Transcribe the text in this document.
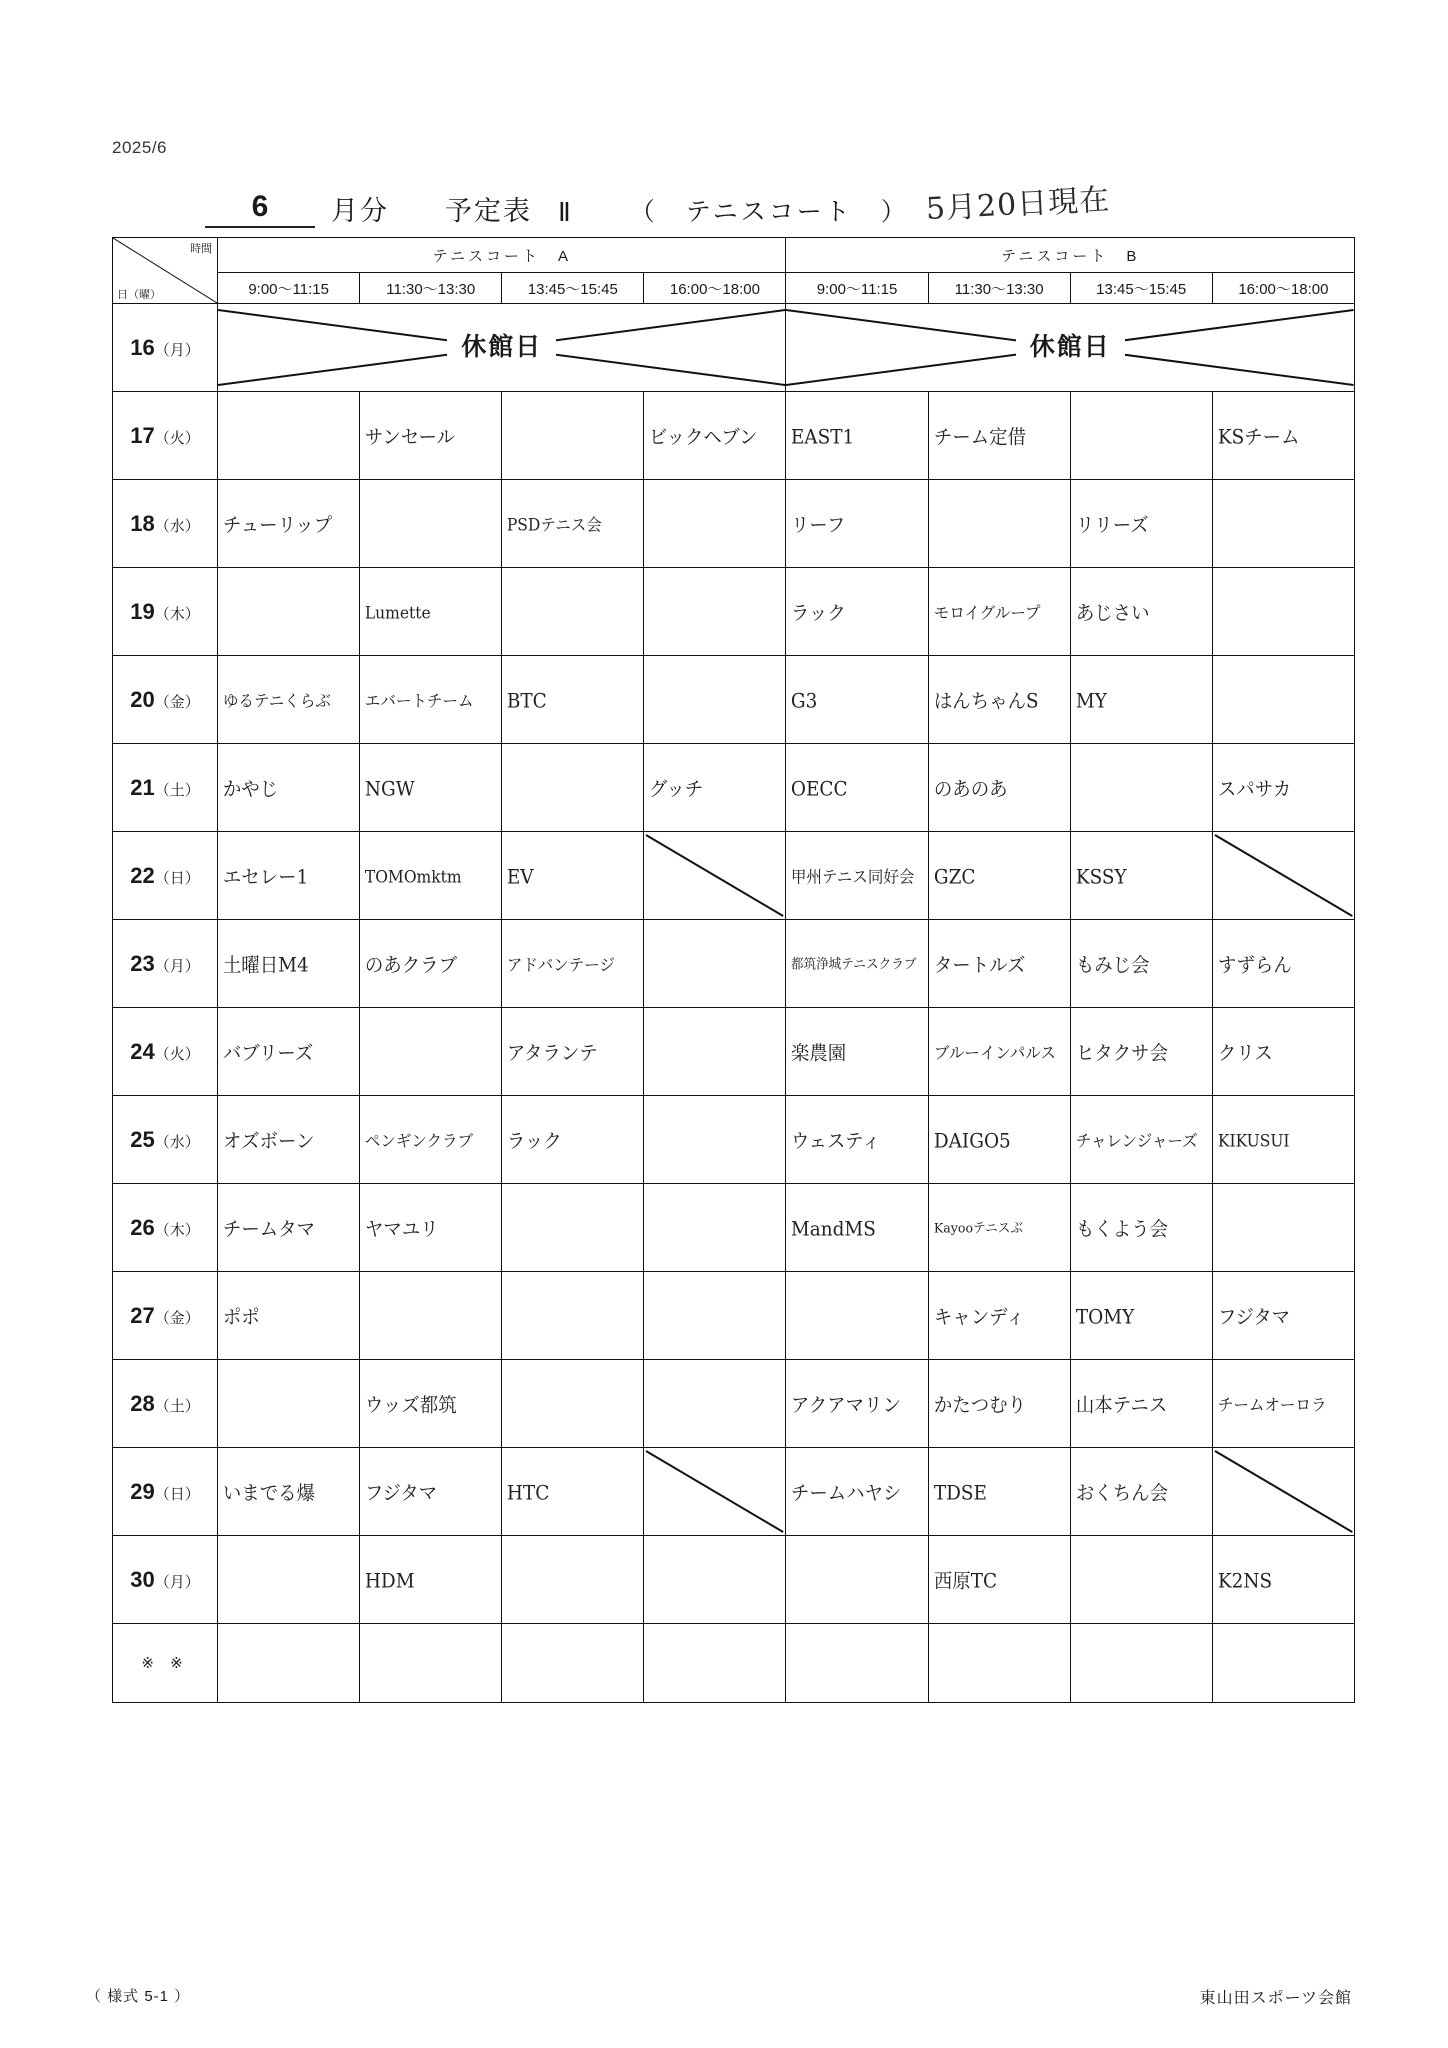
2025/6
6	月分 予定表 Ⅱ （　テニスコート　） 5月20日現在
日（曜）
時間	テニスコート　A				テニスコート　B			
	9:00～11:15	11:30～13:30	13:45～15:45	16:00～18:00	9:00～11:15	11:30～13:30	13:45～15:45	16:00～18:00
16（月）	休館日				休館日			
17（火）		サンセール		ビックヘブン	EAST1	チーム定借		KSチーム

18（水）	チューリップ		PSDテニス会		リーフ		リリーズ	

19（木）		Lumette			ラック	モロイグループ	あじさい	

20（金）	ゆるテニくらぶ	エバートチーム	BTC		G3	はんちゃんS	MY	

21（土）	かやじ	NGW		グッチ	OECC	のあのあ		スパサカ

22（日）	エセレー1	TOMOmktm	EV		甲州テニス同好会	GZC	KSSY

23（月）	土曜日M4	のあクラブ	アドバンテージ		都筑浄城テニスクラブ	タートルズ	もみじ会	すずらん

24（火）	バブリーズ		アタランテ		楽農園	ブルーインパルス	ヒタクサ会	クリス

25（水）	オズボーン	ペンギンクラブ	ラック		ウェスティ	DAIGO5	チャレンジャーズ	KIKUSUI

26（木）	チームタマ	ヤマユリ			MandMS	Kayooテニスぶ	もくよう会	

27（金）	ポポ					キャンディ	TOMY	フジタマ

28（土）		ウッズ都筑			アクアマリン	かたつむり	山本テニス	チームオーロラ

29（日）	いまでる爆	フジタマ	HTC		チームハヤシ	TDSE	おくちん会

30（月）		HDM				西原TC		K2NS

※ ※								
（ 様式 5-1 ）	東山田スポーツ会館
